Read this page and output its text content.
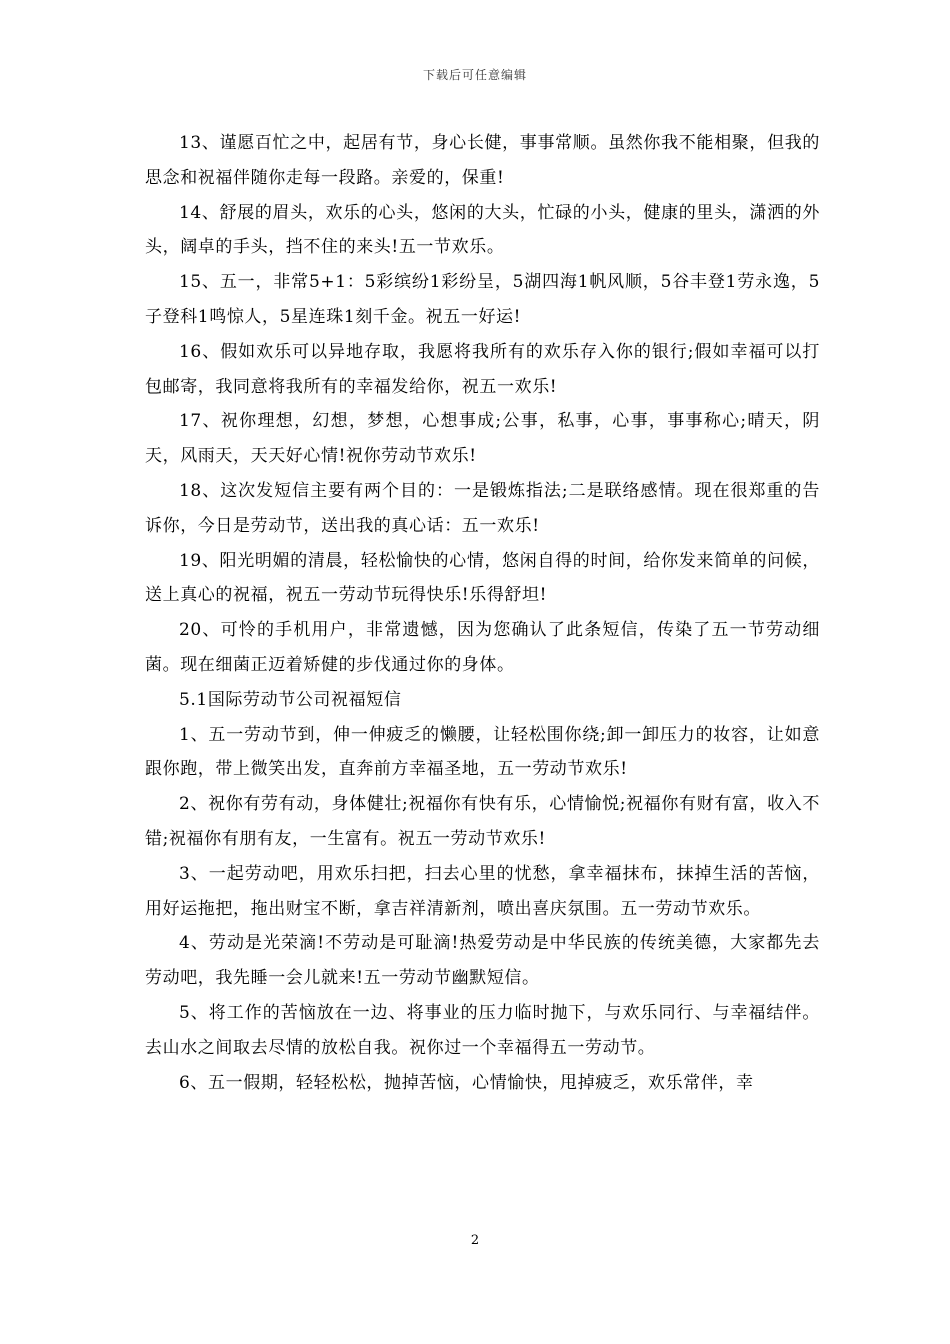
下载后可任意编辑

13、谨愿百忙之中，起居有节，身心长健，事事常顺。虽然你我不能相聚，但我的思念和祝福伴随你走每一段路。亲爱的，保重!

14、舒展的眉头，欢乐的心头，悠闲的大头，忙碌的小头，健康的里头，潇洒的外头，阔卓的手头，挡不住的来头!五一节欢乐。

15、五一，非常5+1：5彩缤纷1彩纷呈，5湖四海1帆风顺，5谷丰登1劳永逸，5子登科1鸣惊人，5星连珠1刻千金。祝五一好运!

16、假如欢乐可以异地存取，我愿将我所有的欢乐存入你的银行;假如幸福可以打包邮寄，我同意将我所有的幸福发给你，祝五一欢乐!

17、祝你理想，幻想，梦想，心想事成;公事，私事，心事，事事称心;晴天，阴天，风雨天，天天好心情!祝你劳动节欢乐!

18、这次发短信主要有两个目的：一是锻炼指法;二是联络感情。现在很郑重的告诉你，今日是劳动节，送出我的真心话：五一欢乐!

19、阳光明媚的清晨，轻松愉快的心情，悠闲自得的时间，给你发来简单的问候，送上真心的祝福，祝五一劳动节玩得快乐!乐得舒坦!

20、可怜的手机用户，非常遗憾，因为您确认了此条短信，传染了五一节劳动细菌。现在细菌正迈着矫健的步伐通过你的身体。

5.1国际劳动节公司祝福短信

1、五一劳动节到，伸一伸疲乏的懒腰，让轻松围你绕;卸一卸压力的妆容，让如意跟你跑，带上微笑出发，直奔前方幸福圣地，五一劳动节欢乐!

2、祝你有劳有动，身体健壮;祝福你有快有乐，心情愉悦;祝福你有财有富，收入不错;祝福你有朋有友，一生富有。祝五一劳动节欢乐!

3、一起劳动吧，用欢乐扫把，扫去心里的忧愁，拿幸福抹布，抹掉生活的苦恼，用好运拖把，拖出财宝不断，拿吉祥清新剂，喷出喜庆氛围。五一劳动节欢乐。

4、劳动是光荣滴!不劳动是可耻滴!热爱劳动是中华民族的传统美德，大家都先去劳动吧，我先睡一会儿就来!五一劳动节幽默短信。

5、将工作的苦恼放在一边、将事业的压力临时抛下，与欢乐同行、与幸福结伴。去山水之间取去尽情的放松自我。祝你过一个幸福得五一劳动节。

6、五一假期，轻轻松松，抛掉苦恼，心情愉快，甩掉疲乏，欢乐常伴，幸

2
